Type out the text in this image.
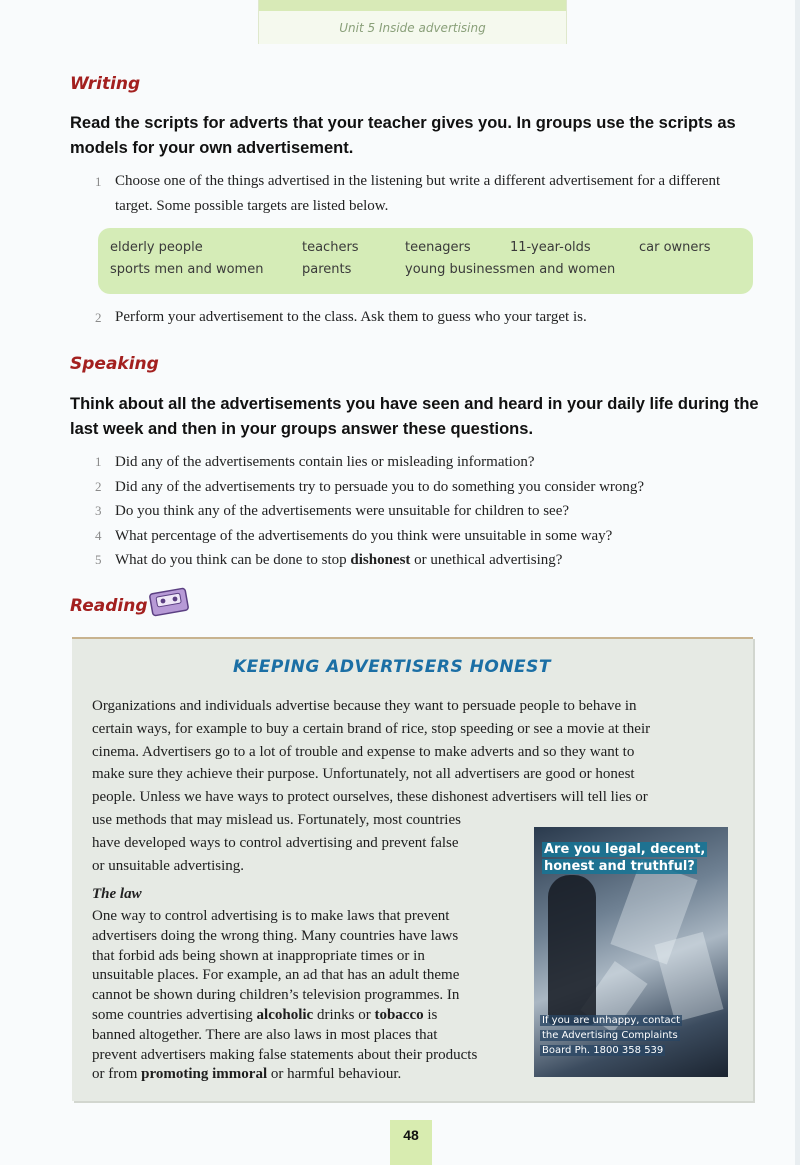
Unit 5 Inside advertising
Writing

Read the scripts for adverts that your teacher gives you. In groups use the scripts as models for your own advertisement.

1 Choose one of the things advertised in the listening but write a different advertisement for a different target. Some possible targets are listed below.
elderly people	teachers	teenagers	11-year-olds	car owners
sports men and women	parents	young businessmen and women
2 Perform your advertisement to the class. Ask them to guess who your target is.
Speaking

Think about all the advertisements you have seen and heard in your daily life during the last week and then in your groups answer these questions.

1 Did any of the advertisements contain lies or misleading information?
2 Did any of the advertisements try to persuade you to do something you consider wrong?
3 Do you think any of the advertisements were unsuitable for children to see?
4 What percentage of the advertisements do you think were unsuitable in some way?
5 What do you think can be done to stop dishonest or unethical advertising?
Reading
KEEPING ADVERTISERS HONEST
Organizations and individuals advertise because they want to persuade people to behave in
certain ways, for example to buy a certain brand of rice, stop speeding or see a movie at their
cinema. Advertisers go to a lot of trouble and expense to make adverts and so they want to
make sure they achieve their purpose. Unfortunately, not all advertisers are good or honest
people. Unless we have ways to protect ourselves, these dishonest advertisers will tell lies or
use methods that may mislead us. Fortunately, most countries
have developed ways to control advertising and prevent false
or unsuitable advertising.
The law
One way to control advertising is to make laws that prevent
advertisers doing the wrong thing. Many countries have laws
that forbid ads being shown at inappropriate times or in
unsuitable places. For example, an ad that has an adult theme
cannot be shown during children’s television programmes. In
some countries advertising alcoholic drinks or tobacco is
banned altogether. There are also laws in most places that
prevent advertisers making false statements about their products
or from promoting immoral or harmful behaviour.
Are you legal, decent,
honest and truthful?
If you are unhappy, contact
the Advertising Complaints
Board Ph. 1800 358 539
48
